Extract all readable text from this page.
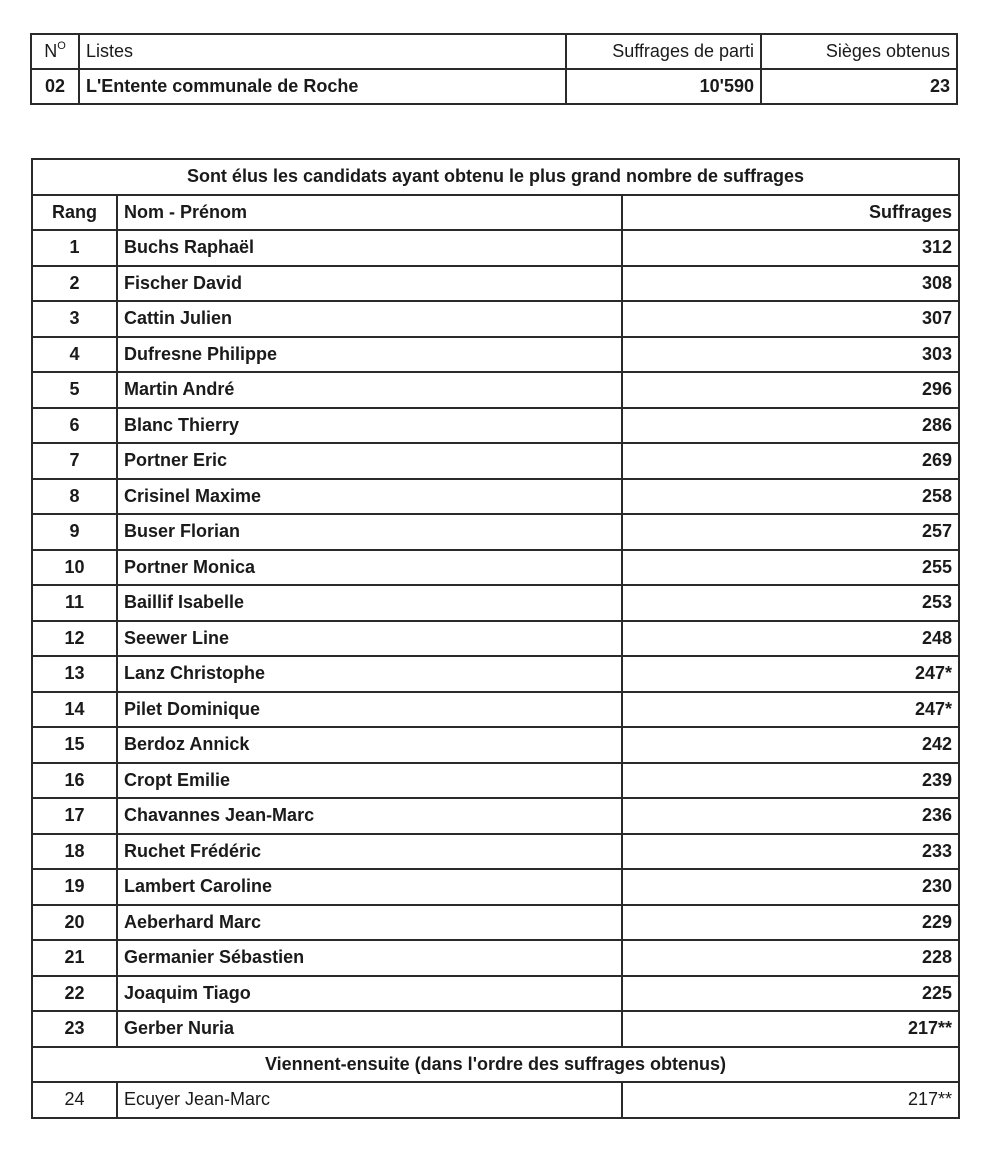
$N^O$	Listes	Suffrages de parti	Sièges obtenus
02	L'Entente communale de Roche	10'590	23
Sont élus les candidats ayant obtenu le plus grand nombre de suffrages		
Rang	Nom - Prénom	Suffrages
1	Buchs Raphaël	312
2	Fischer David	308
3	Cattin Julien	307
4	Dufresne Philippe	303
5	Martin André	296
6	Blanc Thierry	286
7	Portner Eric	269
8	Crisinel Maxime	258
9	Buser Florian	257
10	Portner Monica	255
11	Baillif Isabelle	253
12	Seewer Line	248
13	Lanz Christophe	247*
14	Pilet Dominique	247*
15	Berdoz Annick	242
16	Cropt Emilie	239
17	Chavannes Jean-Marc	236
18	Ruchet Frédéric	233
19	Lambert Caroline	230
20	Aeberhard Marc	229
21	Germanier Sébastien	228
22	Joaquim Tiago	225
23	Gerber Nuria	217**
Viennent-ensuite (dans l'ordre des suffrages obtenus)		
24	Ecuyer Jean-Marc	217**
